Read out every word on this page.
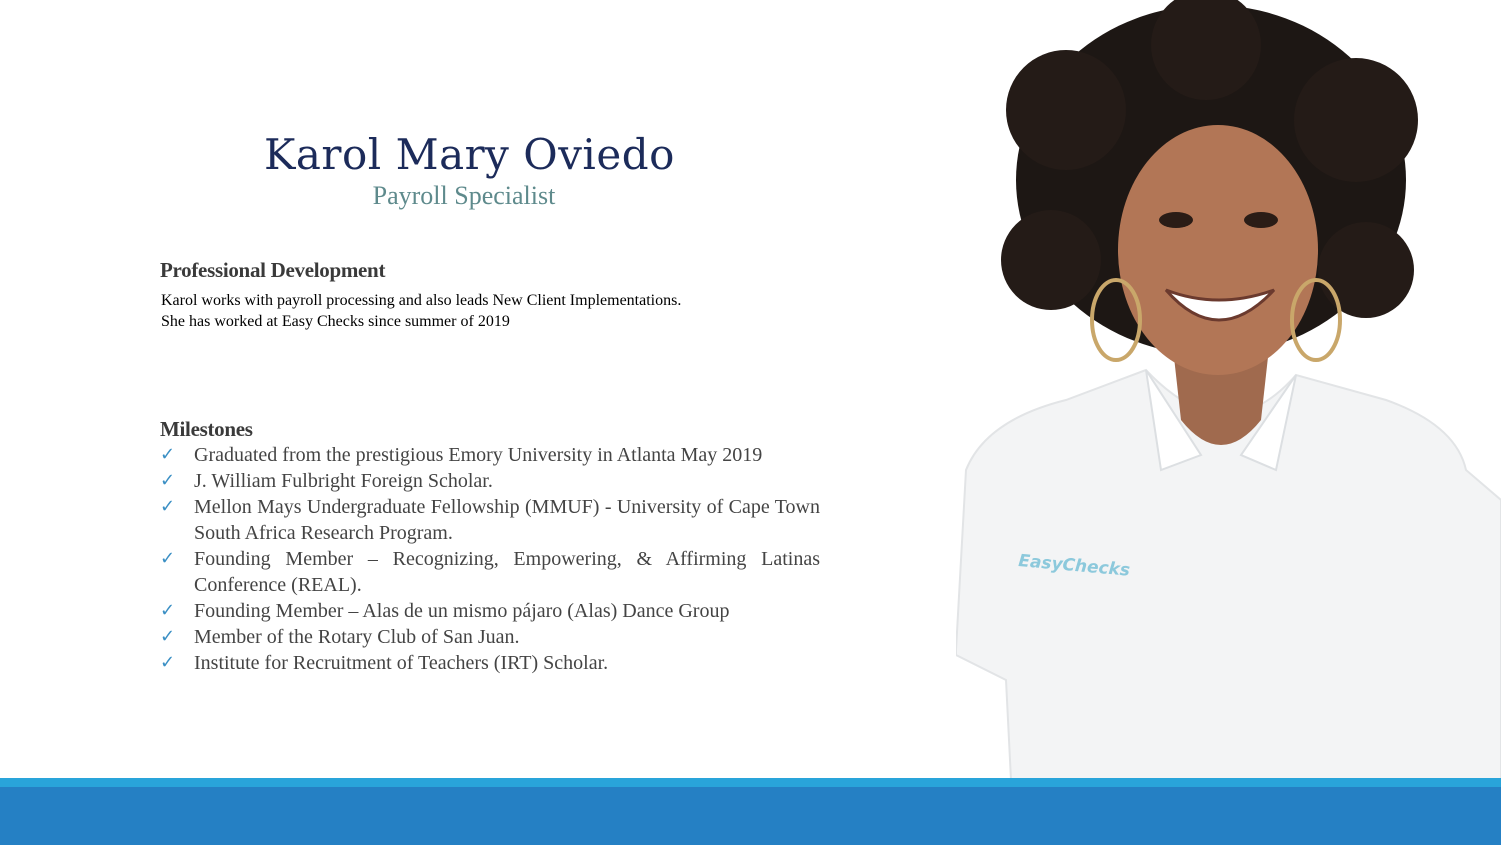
Karol Mary Oviedo
Payroll Specialist
Professional Development
Karol works with payroll processing and also leads New Client Implementations.
She has worked at Easy Checks since summer of 2019
Milestones
✓ Graduated from the prestigious Emory University in Atlanta May 2019
✓ J. William Fulbright Foreign Scholar.
✓ Mellon Mays Undergraduate Fellowship (MMUF) - University of Cape Town South Africa Research Program.
✓ Founding Member – Recognizing, Empowering, & Affirming Latinas Conference (REAL).
✓ Founding Member – Alas de un mismo pájaro (Alas) Dance Group
✓ Member of the Rotary Club of San Juan.
✓ Institute for Recruitment of Teachers (IRT) Scholar.
EasyChecks
